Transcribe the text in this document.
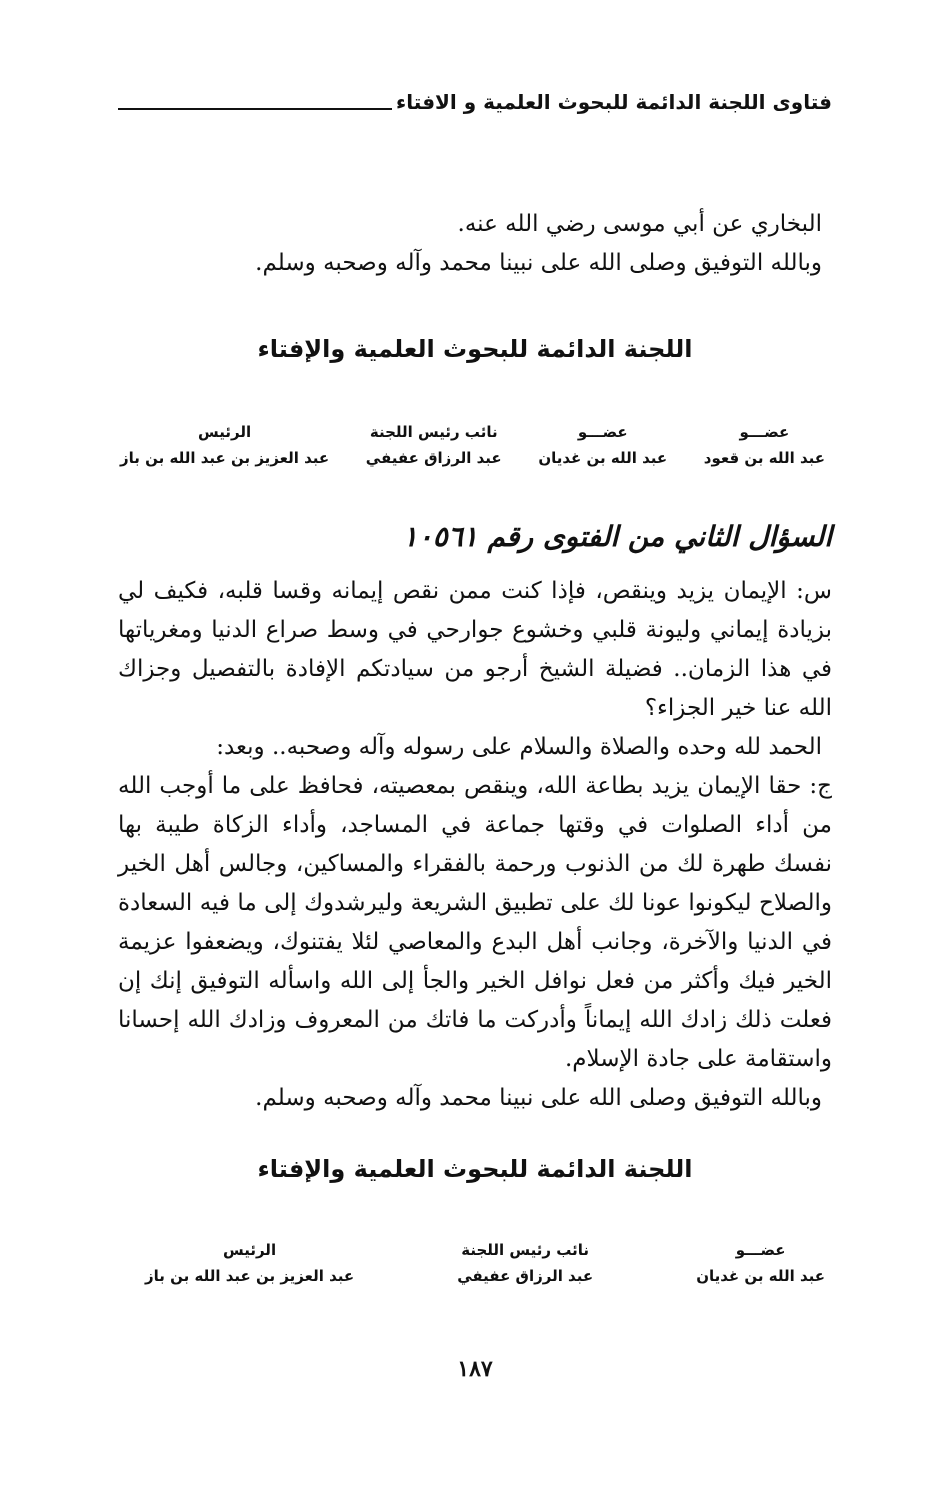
فتاوى اللجنة الدائمة للبحوث العلمية و الافتاء

البخاري عن أبي موسى رضي الله عنه.

وبالله التوفيق وصلى الله على نبينا محمد وآله وصحبه وسلم.

اللجنة الدائمة للبحوث العلمية والإفتاء
عضـــو
عبد الله بن قعود
عضـــو
عبد الله بن غديان
نائب رئيس اللجنة
عبد الرزاق عفيفي
الرئيس
عبد العزيز بن عبد الله بن باز
السؤال الثاني من الفتوى رقم ١٠٥٦١

س: الإيمان يزيد وينقص، فإذا كنت ممن نقص إيمانه وقسا قلبه، فكيف لي بزيادة إيماني وليونة قلبي وخشوع جوارحي في وسط صراع الدنيا ومغرياتها في هذا الزمان.. فضيلة الشيخ أرجو من سيادتكم الإفادة بالتفصيل وجزاك الله عنا خير الجزاء؟

الحمد لله وحده والصلاة والسلام على رسوله وآله وصحبه.. وبعد:

ج: حقا الإيمان يزيد بطاعة الله، وينقص بمعصيته، فحافظ على ما أوجب الله من أداء الصلوات في وقتها جماعة في المساجد، وأداء الزكاة طيبة بها نفسك طهرة لك من الذنوب ورحمة بالفقراء والمساكين، وجالس أهل الخير والصلاح ليكونوا عونا لك على تطبيق الشريعة وليرشدوك إلى ما فيه السعادة في الدنيا والآخرة، وجانب أهل البدع والمعاصي لئلا يفتنوك، ويضعفوا عزيمة الخير فيك وأكثر من فعل نوافل الخير والجأ إلى الله واسأله التوفيق إنك إن فعلت ذلك زادك الله إيماناً وأدركت ما فاتك من المعروف وزادك الله إحسانا واستقامة على جادة الإسلام.

وبالله التوفيق وصلى الله على نبينا محمد وآله وصحبه وسلم.

اللجنة الدائمة للبحوث العلمية والإفتاء
عضـــو
عبد الله بن غديان
نائب رئيس اللجنة
عبد الرزاق عفيفي
الرئيس
عبد العزيز بن عبد الله بن باز
١٨٧
